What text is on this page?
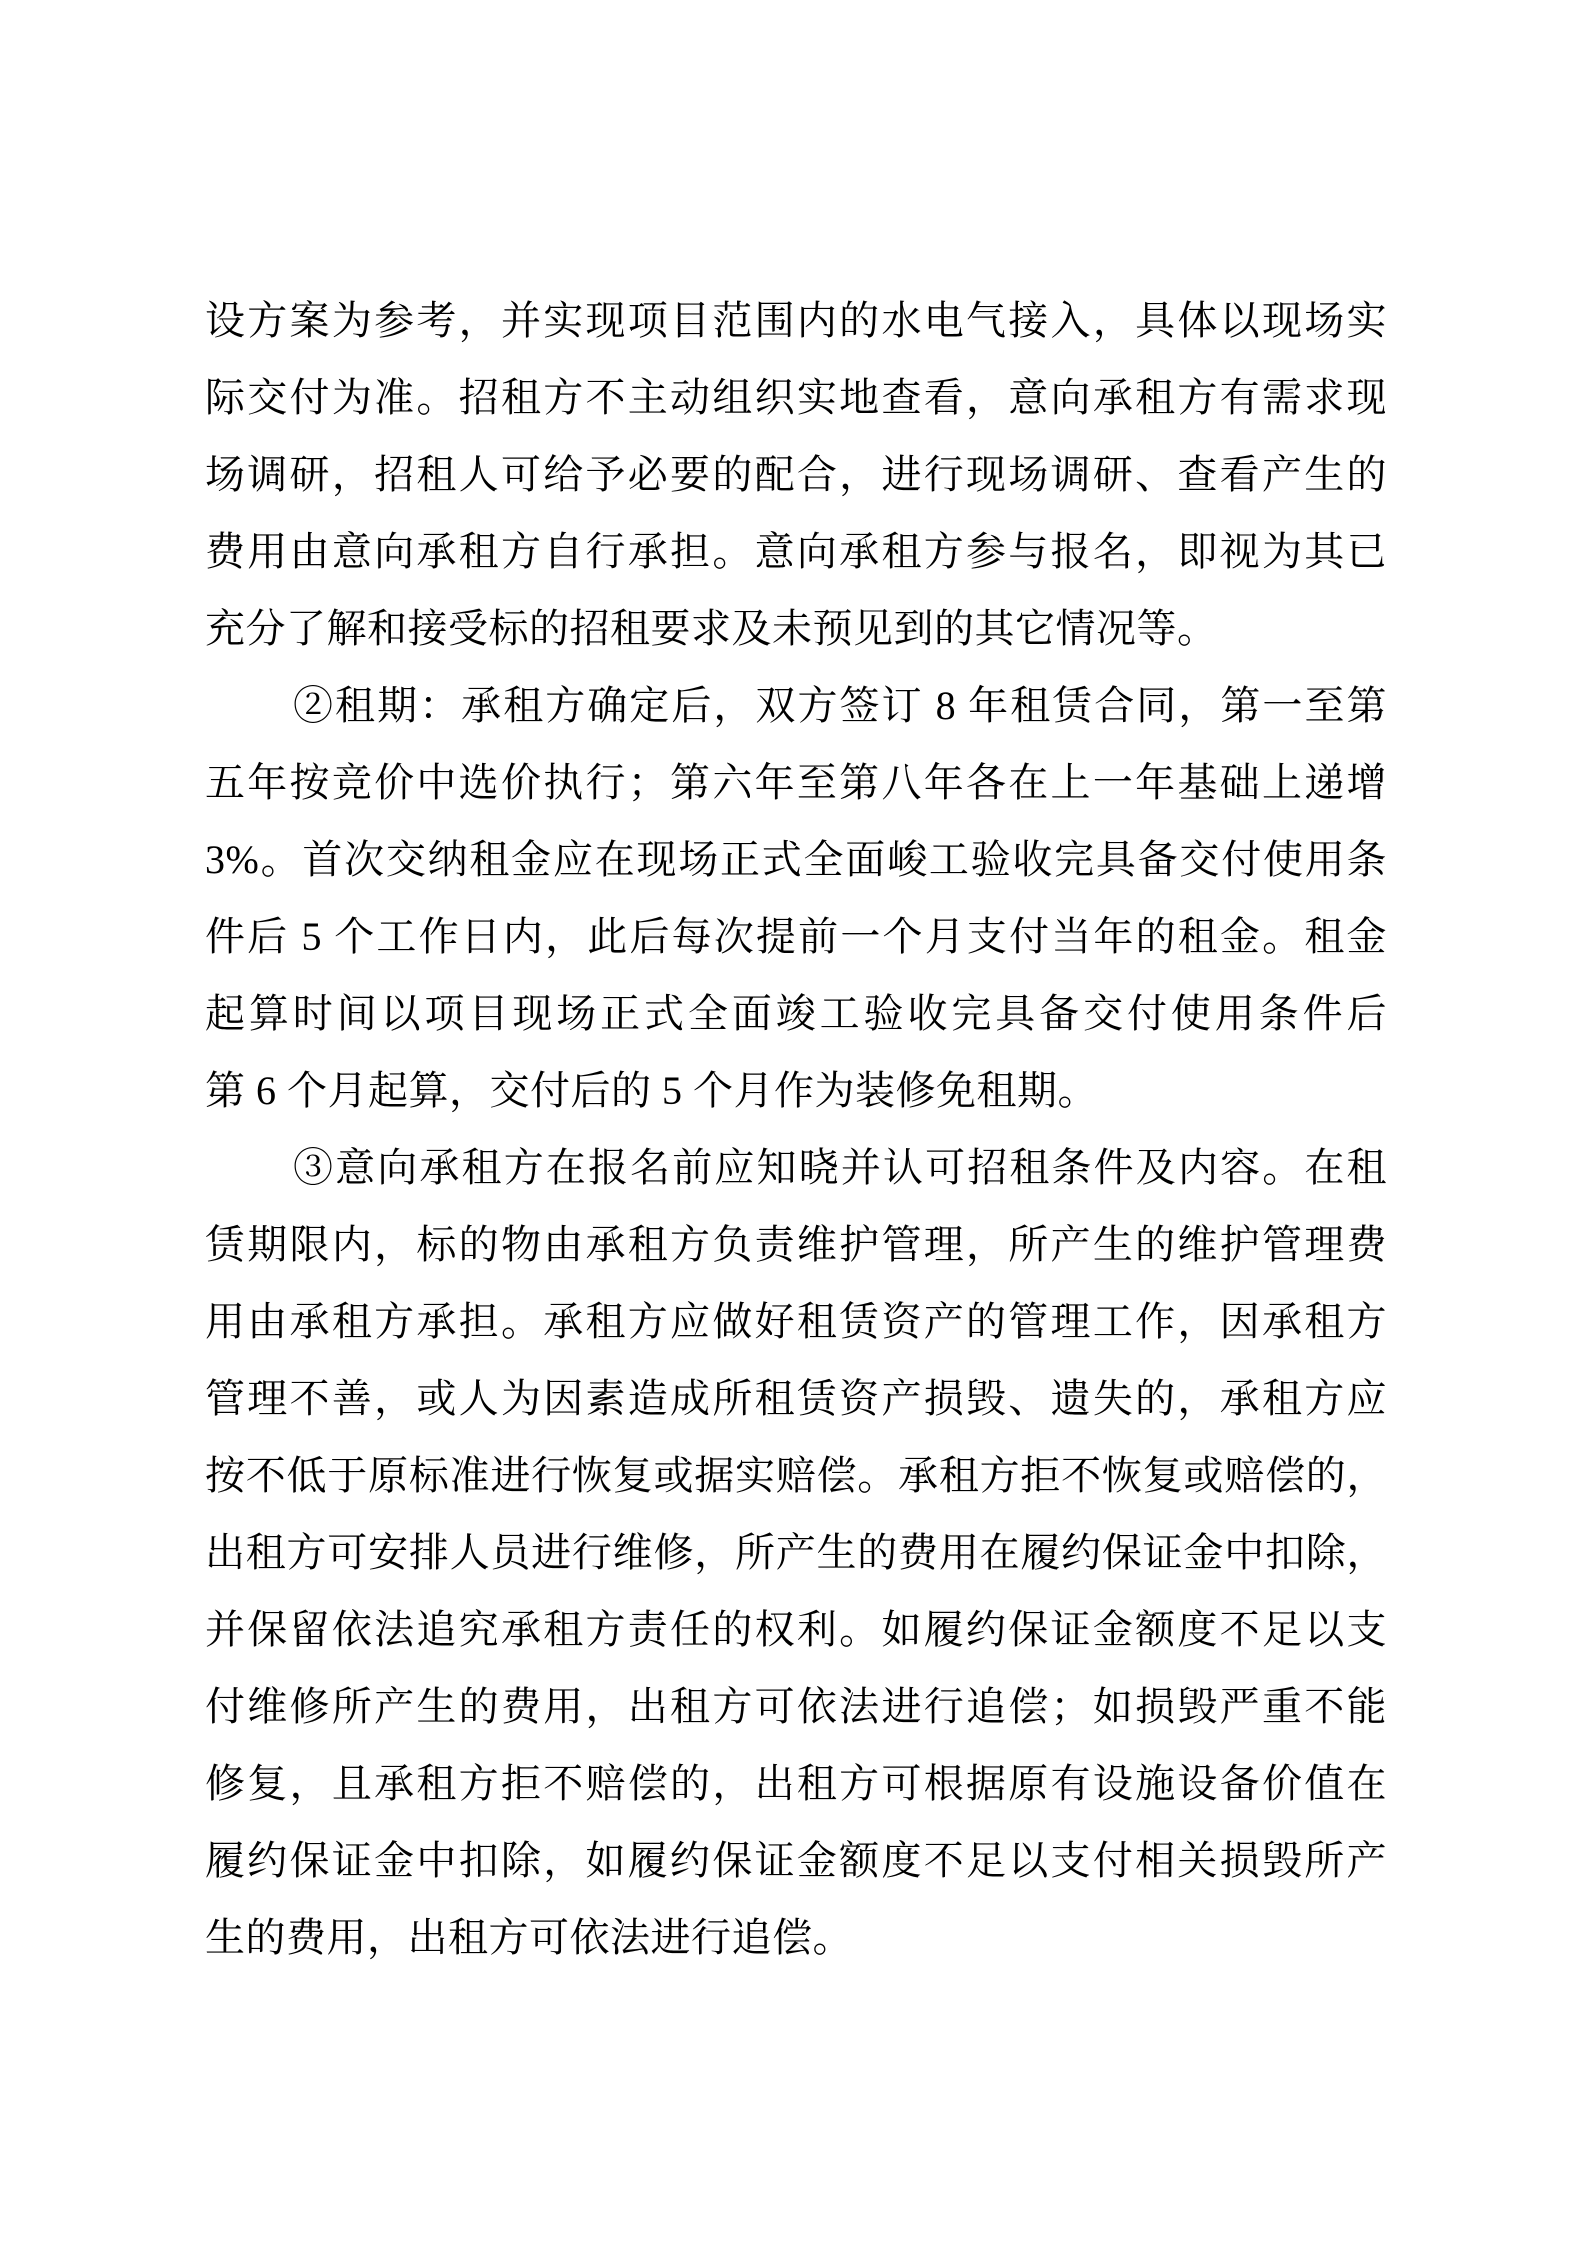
设方案为参考，并实现项目范围内的水电气接入，具体以现场实
际交付为准。招租方不主动组织实地查看，意向承租方有需求现
场调研，招租人可给予必要的配合，进行现场调研、查看产生的
费用由意向承租方自行承担。意向承租方参与报名，即视为其已
充分了解和接受标的招租要求及未预见到的其它情况等。
②租期：承租方确定后，双方签订 8 年租赁合同，第一至第
五年按竞价中选价执行；第六年至第八年各在上一年基础上递增
3%。首次交纳租金应在现场正式全面峻工验收完具备交付使用条
件后 5 个工作日内，此后每次提前一个月支付当年的租金。租金
起算时间以项目现场正式全面竣工验收完具备交付使用条件后
第 6 个月起算，交付后的 5 个月作为装修免租期。
③意向承租方在报名前应知晓并认可招租条件及内容。在租
赁期限内，标的物由承租方负责维护管理，所产生的维护管理费
用由承租方承担。承租方应做好租赁资产的管理工作，因承租方
管理不善，或人为因素造成所租赁资产损毁、遗失的，承租方应
按不低于原标准进行恢复或据实赔偿。承租方拒不恢复或赔偿的，
出租方可安排人员进行维修，所产生的费用在履约保证金中扣除，
并保留依法追究承租方责任的权利。如履约保证金额度不足以支
付维修所产生的费用，出租方可依法进行追偿；如损毁严重不能
修复，且承租方拒不赔偿的，出租方可根据原有设施设备价值在
履约保证金中扣除，如履约保证金额度不足以支付相关损毁所产
生的费用，出租方可依法进行追偿。
